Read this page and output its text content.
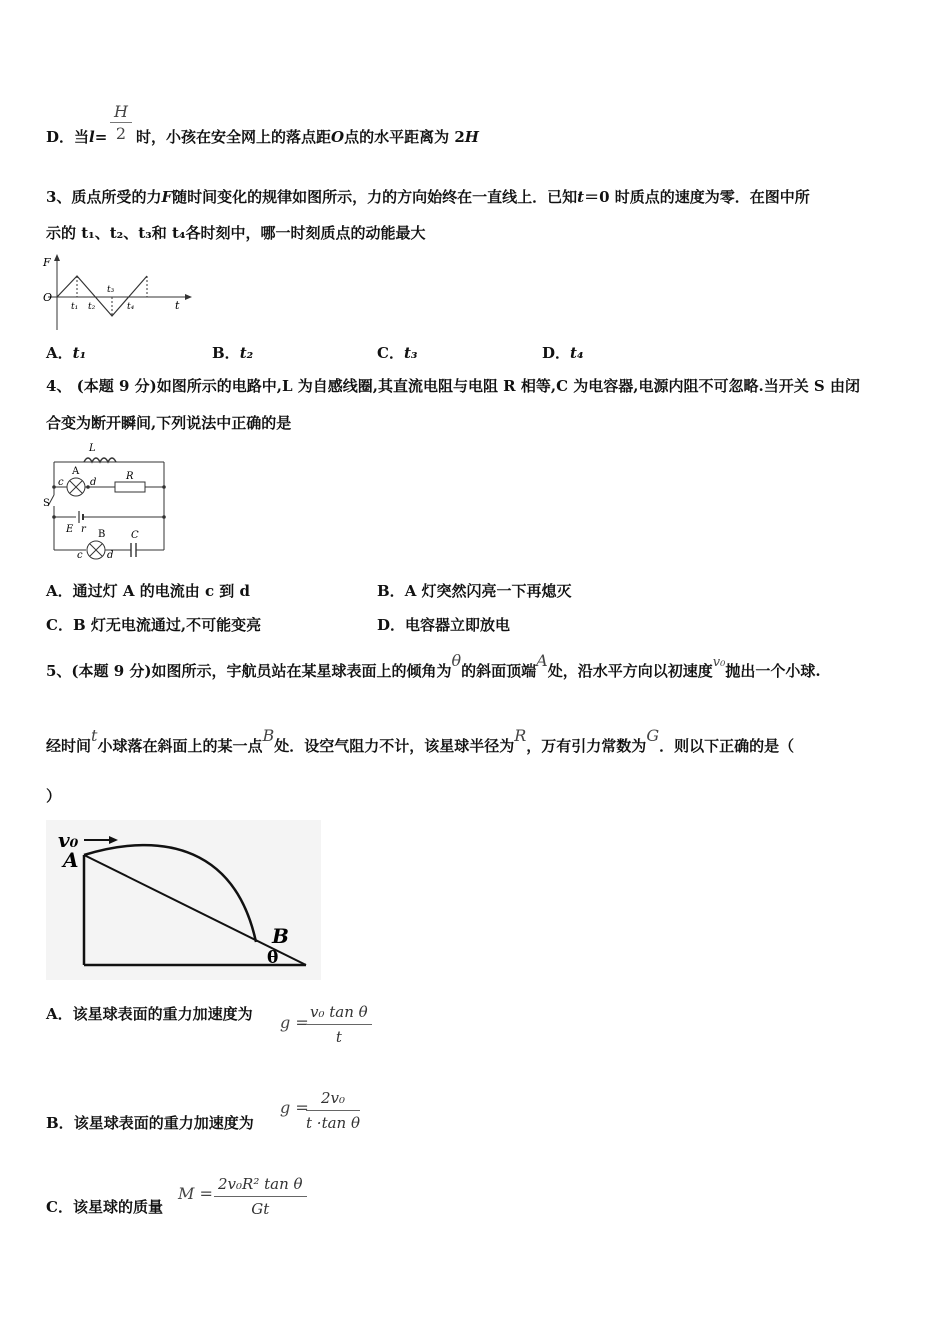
D．当$l= \frac{H}{2}$ 时，小孩在安全网上的落点距O点的水平距离为 2H
3、质点所受的力F随时间变化的规律如图所示，力的方向始终在一直线上．已知t＝0 时质点的速度为零．在图中所
示的 t₁、t₂、t₃和 t₄各时刻中，哪一时刻质点的动能最大
F
O
t
t₁ t₂
t₃
t₄
A．t₁	B．t₂	C．t₃	D．t₄
4、 (本题 9 分)如图所示的电路中,L 为自感线圈,其直流电阻与电阻 R 相等,C 为电容器,电源内阻不可忽略.当开关 S 由闭
合变为断开瞬间,下列说法中正确的是
L
A
c	d
R
S
E r B
c d
C
A．通过灯 A 的电流由 c 到 d	B．A 灯突然闪亮一下再熄灭
C．B 灯无电流通过,不可能变亮	D．电容器立即放电
5、(本题 9 分)如图所示，宇航员站在某星球表面上的倾角为θ的斜面顶端A处，沿水平方向以初速度v₀抛出一个小球.
经时间t小球落在斜面上的某一点B处．设空气阻力不计，该星球半径为R，万有引力常数为G．则以下正确的是（
）
v₀
A
B
θ
A．该星球表面的重力加速度为	g =
$\frac{\text{v₀ tan θ}}{t}$
B．该星球表面的重力加速度为
g =
$\frac{\text{2v₀}}{\text{t ·tan θ}}$
C．该星球的质量
$M = \frac{\text{2v₀R² tan θ}}{Gt}$
